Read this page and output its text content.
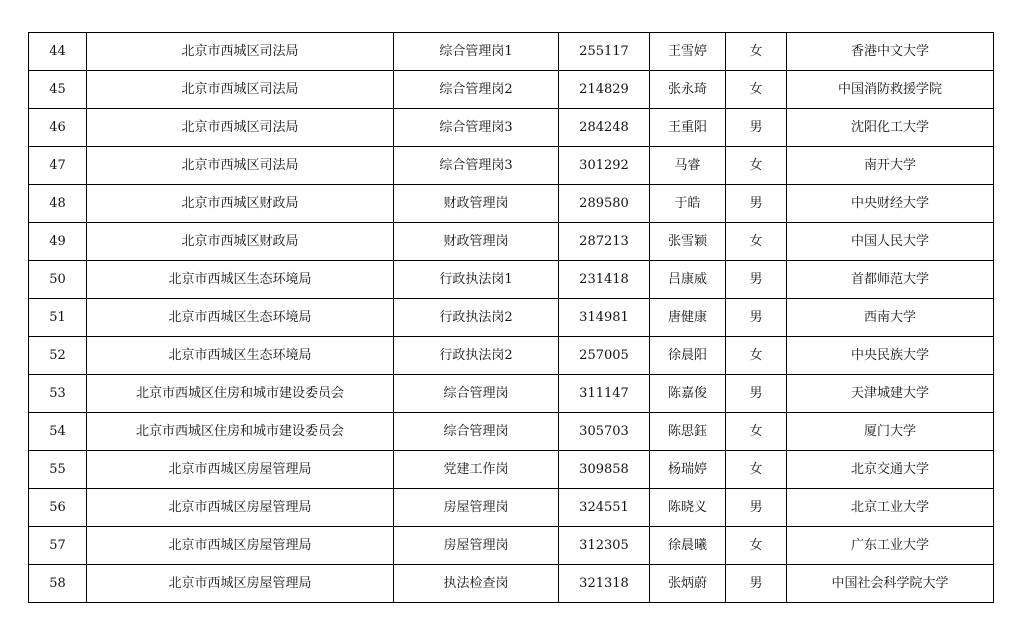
44	北京市西城区司法局	综合管理岗1	255117	王雪婷	女	香港中文大学
45	北京市西城区司法局	综合管理岗2	214829	张永琦	女	中国消防救援学院
46	北京市西城区司法局	综合管理岗3	284248	王重阳	男	沈阳化工大学
47	北京市西城区司法局	综合管理岗3	301292	马睿	女	南开大学
48	北京市西城区财政局	财政管理岗	289580	于皓	男	中央财经大学
49	北京市西城区财政局	财政管理岗	287213	张雪颖	女	中国人民大学
50	北京市西城区生态环境局	行政执法岗1	231418	吕康威	男	首都师范大学
51	北京市西城区生态环境局	行政执法岗2	314981	唐健康	男	西南大学
52	北京市西城区生态环境局	行政执法岗2	257005	徐晨阳	女	中央民族大学
53	北京市西城区住房和城市建设委员会	综合管理岗	311147	陈嘉俊	男	天津城建大学
54	北京市西城区住房和城市建设委员会	综合管理岗	305703	陈思鈺	女	厦门大学
55	北京市西城区房屋管理局	党建工作岗	309858	杨瑞婷	女	北京交通大学
56	北京市西城区房屋管理局	房屋管理岗	324551	陈晓义	男	北京工业大学
57	北京市西城区房屋管理局	房屋管理岗	312305	徐晨曦	女	广东工业大学
58	北京市西城区房屋管理局	执法检查岗	321318	张炳蔚	男	中国社会科学院大学
